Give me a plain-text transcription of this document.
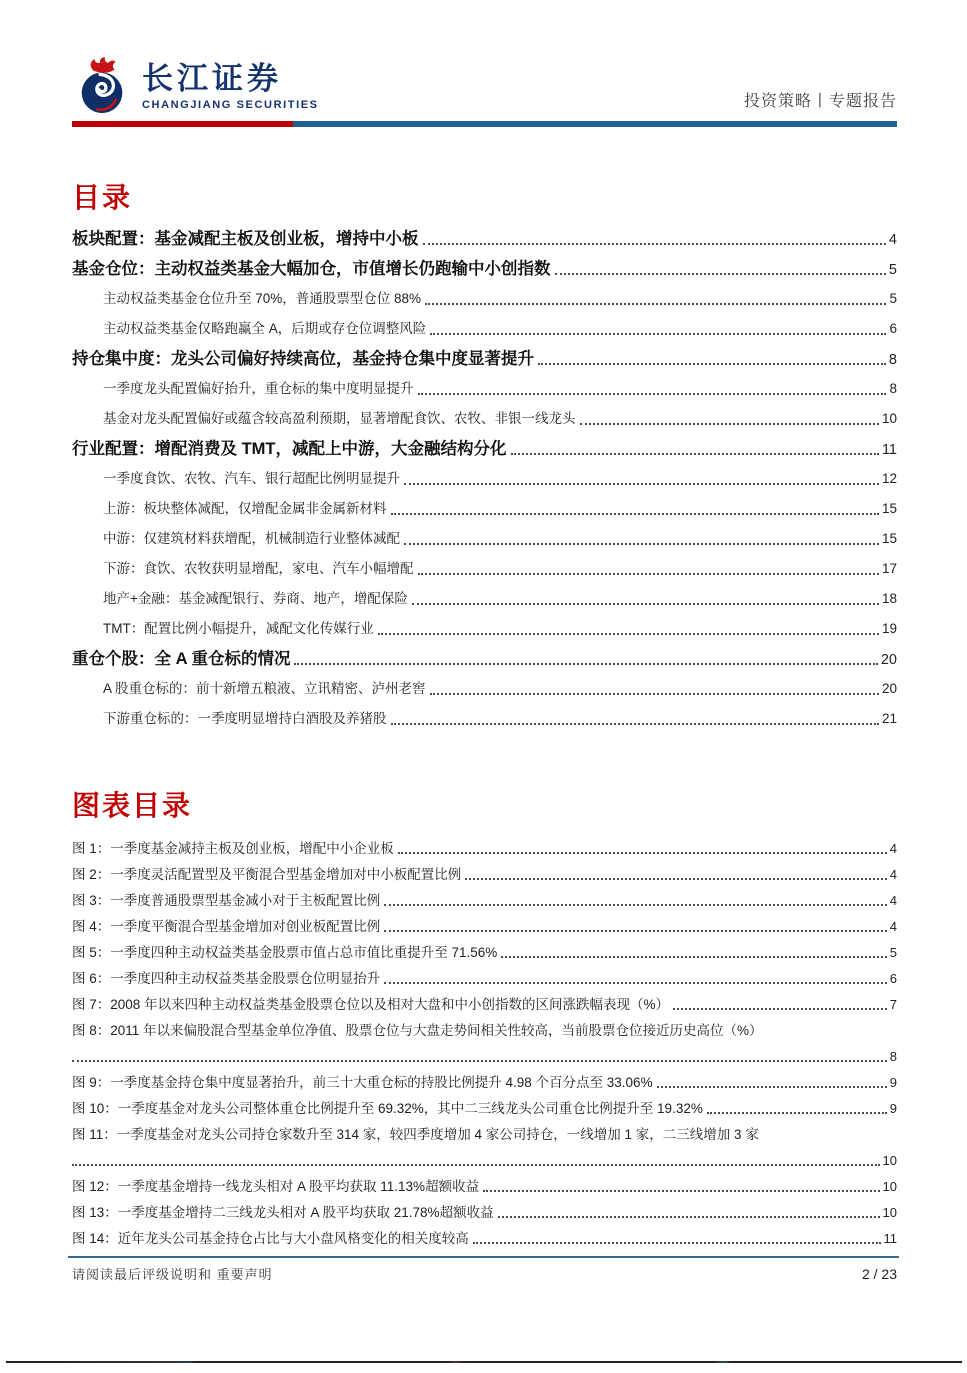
长江证券
CHANGJIANG SECURITIES	投资策略丨专题报告
目录
板块配置：基金减配主板及创业板，增持中小板	4
基金仓位：主动权益类基金大幅加仓，市值增长仍跑输中小创指数	5
主动权益类基金仓位升至 70%，普通股票型仓位 88%	5
主动权益类基金仅略跑赢全 A，后期或存仓位调整风险	6
持仓集中度：龙头公司偏好持续高位，基金持仓集中度显著提升	8
一季度龙头配置偏好抬升，重仓标的集中度明显提升	8
基金对龙头配置偏好或蕴含较高盈利预期，显著增配食饮、农牧、非银一线龙头	10
行业配置：增配消费及 TMT，减配上中游，大金融结构分化	11
一季度食饮、农牧、汽车、银行超配比例明显提升	12
上游：板块整体减配，仅增配金属非金属新材料	15
中游：仅建筑材料获增配，机械制造行业整体减配	15
下游：食饮、农牧获明显增配，家电、汽车小幅增配	17
地产+金融：基金减配银行、券商、地产，增配保险	18
TMT：配置比例小幅提升，减配文化传媒行业	19
重仓个股：全 A 重仓标的情况	20
A 股重仓标的：前十新增五粮液、立讯精密、泸州老窖	20
下游重仓标的：一季度明显增持白酒股及养猪股	21
图表目录
图 1：一季度基金减持主板及创业板，增配中小企业板	4
图 2：一季度灵活配置型及平衡混合型基金增加对中小板配置比例	4
图 3：一季度普通股票型基金减小对于主板配置比例	4
图 4：一季度平衡混合型基金增加对创业板配置比例	4
图 5：一季度四种主动权益类基金股票市值占总市值比重提升至 71.56%	5
图 6：一季度四种主动权益类基金股票仓位明显抬升	6
图 7：2008 年以来四种主动权益类基金股票仓位以及相对大盘和中小创指数的区间涨跌幅表现（%）	7
图 8：2011 年以来偏股混合型基金单位净值、股票仓位与大盘走势间相关性较高，当前股票仓位接近历史高位（%）
8
图 9：一季度基金持仓集中度显著抬升，前三十大重仓标的持股比例提升 4.98 个百分点至 33.06%	9
图 10：一季度基金对龙头公司整体重仓比例提升至 69.32%，其中二三线龙头公司重仓比例提升至 19.32%	9
图 11：一季度基金对龙头公司持仓家数升至 314 家，较四季度增加 4 家公司持仓，一线增加 1 家，二三线增加 3 家
10
图 12：一季度基金增持一线龙头相对 A 股平均获取 11.13%超额收益	10
图 13：一季度基金增持二三线龙头相对 A 股平均获取 21.78%超额收益	10
图 14：近年龙头公司基金持仓占比与大小盘风格变化的相关度较高	11
请阅读最后评级说明和 重要声明	2 / 23
